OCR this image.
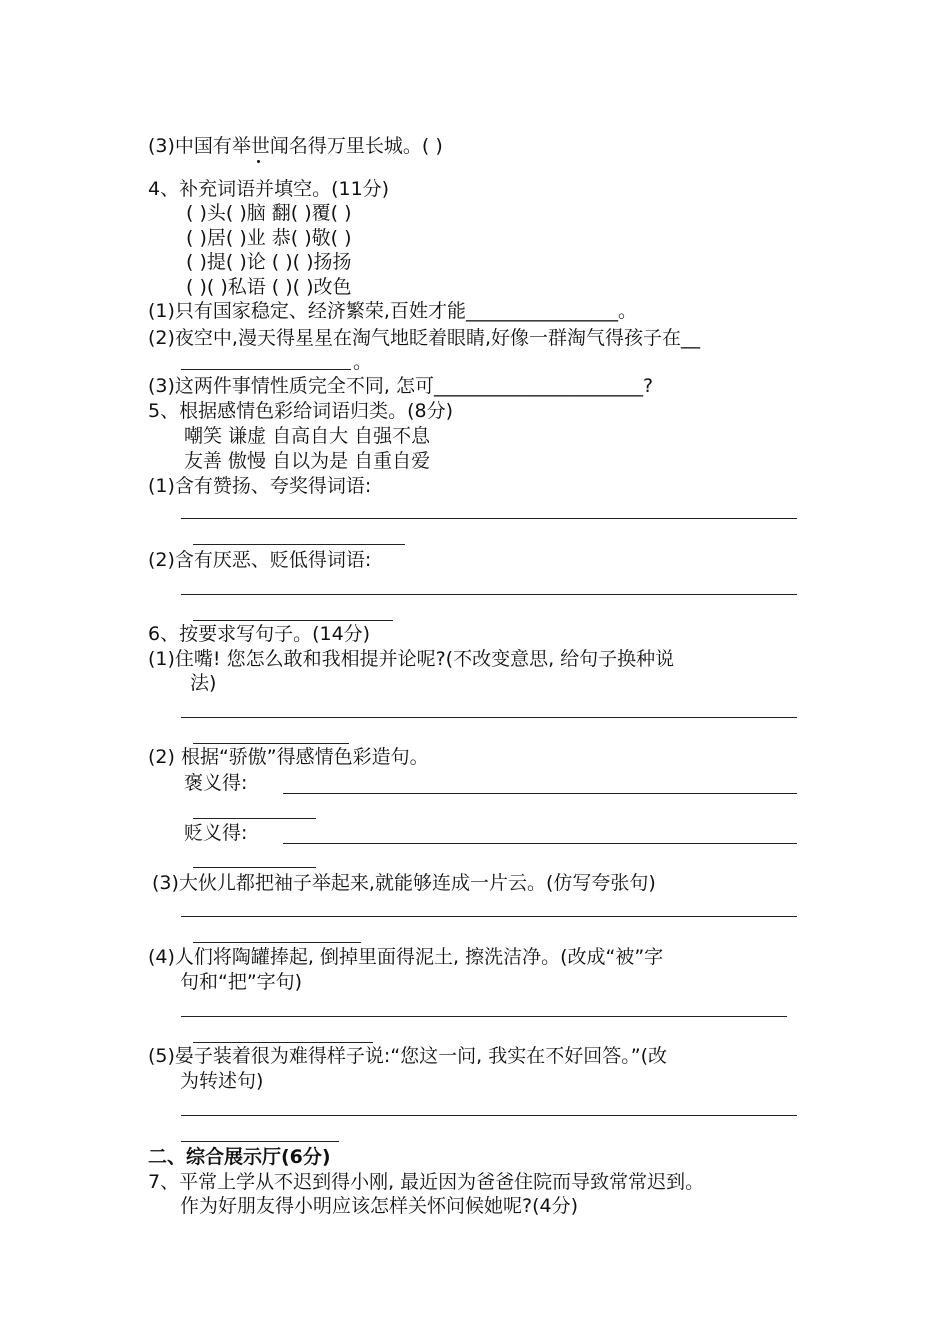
(3)中国有举世闻名得万里长城。( )
4、补充词语并填空。(11分)
( )头( )脑 翻( )覆( )
( )居( )业 恭( )敬( )
( )提( )论 ( )( )扬扬
( )( )私语 ( )( )改色
(1)只有国家稳定、经济繁荣,百姓才能________________。
(2)夜空中,漫天得星星在淘气地眨着眼睛,好像一群淘气得孩子在__
。
(3)这两件事情性质完全不同, 怎可______________________?
5、根据感情色彩给词语归类。(8分)
嘲笑 谦虚 自高自大 自强不息
友善 傲慢 自以为是 自重自爱
(1)含有赞扬、夸奖得词语:
(2)含有厌恶、贬低得词语:
6、按要求写句子。(14分)
(1)住嘴! 您怎么敢和我相提并论呢?(不改变意思, 给句子换种说
法)
(2) 根据“骄傲”得感情色彩造句。
褒义得:
贬义得:
(3)大伙儿都把袖子举起来,就能够连成一片云。(仿写夸张句)
(4)人们将陶罐捧起, 倒掉里面得泥土, 擦洗洁净。(改成“被”字
句和“把”字句)
(5)晏子装着很为难得样子说:“您这一问, 我实在不好回答。”(改
为转述句)
二、综合展示厅(6分)
7、平常上学从不迟到得小刚, 最近因为爸爸住院而导致常常迟到。
作为好朋友得小明应该怎样关怀问候她呢?(4分)
